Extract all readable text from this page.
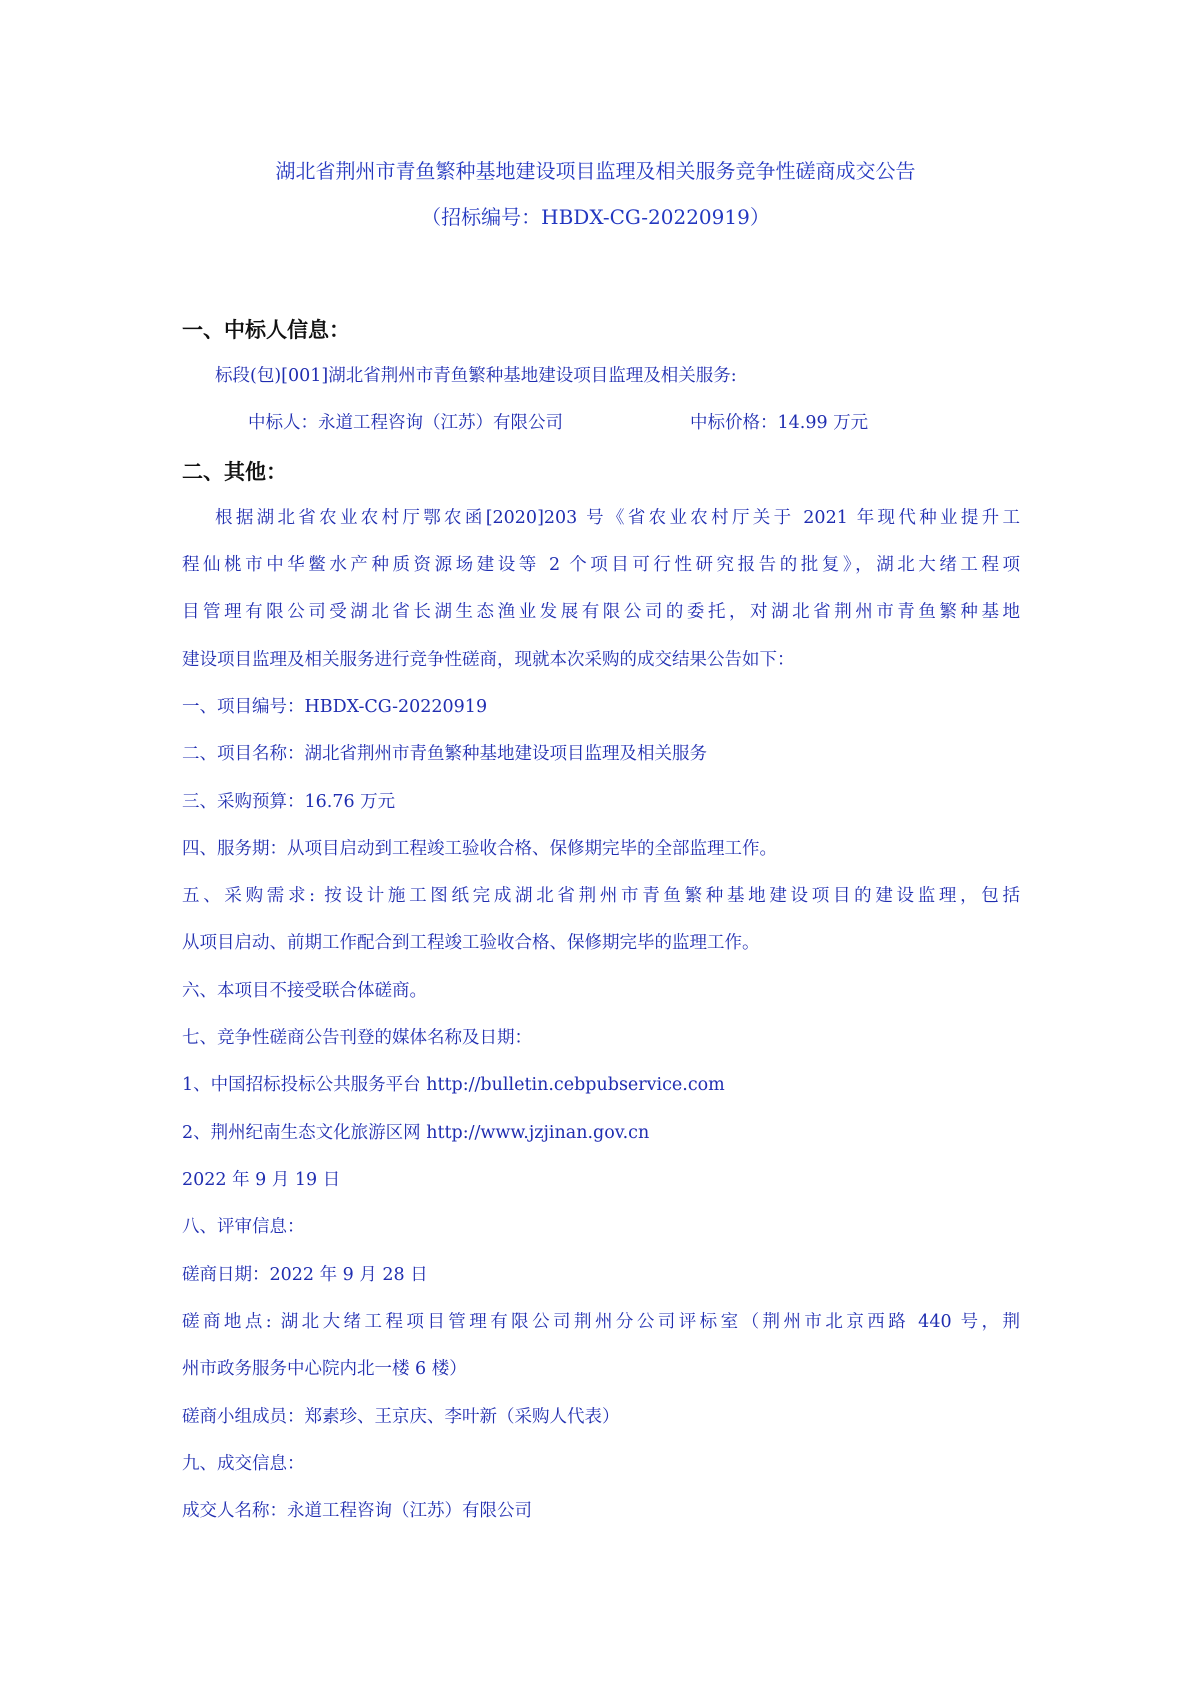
湖北省荆州市青鱼繁种基地建设项目监理及相关服务竞争性磋商成交公告
（招标编号：HBDX-CG-20220919）
一、中标人信息：
标段(包)[001]湖北省荆州市青鱼繁种基地建设项目监理及相关服务:
中标人：永道工程咨询（江苏）有限公司	中标价格：14.99 万元
二、其他：
根据湖北省农业农村厅鄂农函[2020]203 号《省农业农村厅关于 2021 年现代种业提升工
程仙桃市中华鳖水产种质资源场建设等 2 个项目可行性研究报告的批复》，湖北大绪工程项
目管理有限公司受湖北省长湖生态渔业发展有限公司的委托，对湖北省荆州市青鱼繁种基地
建设项目监理及相关服务进行竞争性磋商，现就本次采购的成交结果公告如下：
一、项目编号：HBDX-CG-20220919
二、项目名称：湖北省荆州市青鱼繁种基地建设项目监理及相关服务
三、采购预算：16.76 万元
四、服务期：从项目启动到工程竣工验收合格、保修期完毕的全部监理工作。
五、采购需求: 按设计施工图纸完成湖北省荆州市青鱼繁种基地建设项目的建设监理，包括
从项目启动、前期工作配合到工程竣工验收合格、保修期完毕的监理工作。
六、本项目不接受联合体磋商。
七、竞争性磋商公告刊登的媒体名称及日期：
1、中国招标投标公共服务平台 http://bulletin.cebpubservice.com
2、荆州纪南生态文化旅游区网 http://www.jzjinan.gov.cn
2022 年 9 月 19 日
八、评审信息：
磋商日期：2022 年 9 月 28 日
磋商地点: 湖北大绪工程项目管理有限公司荆州分公司评标室（荆州市北京西路 440 号，荆
州市政务服务中心院内北一楼 6 楼）
磋商小组成员：郑素珍、王京庆、李叶新（采购人代表）
九、成交信息：
成交人名称：永道工程咨询（江苏）有限公司
